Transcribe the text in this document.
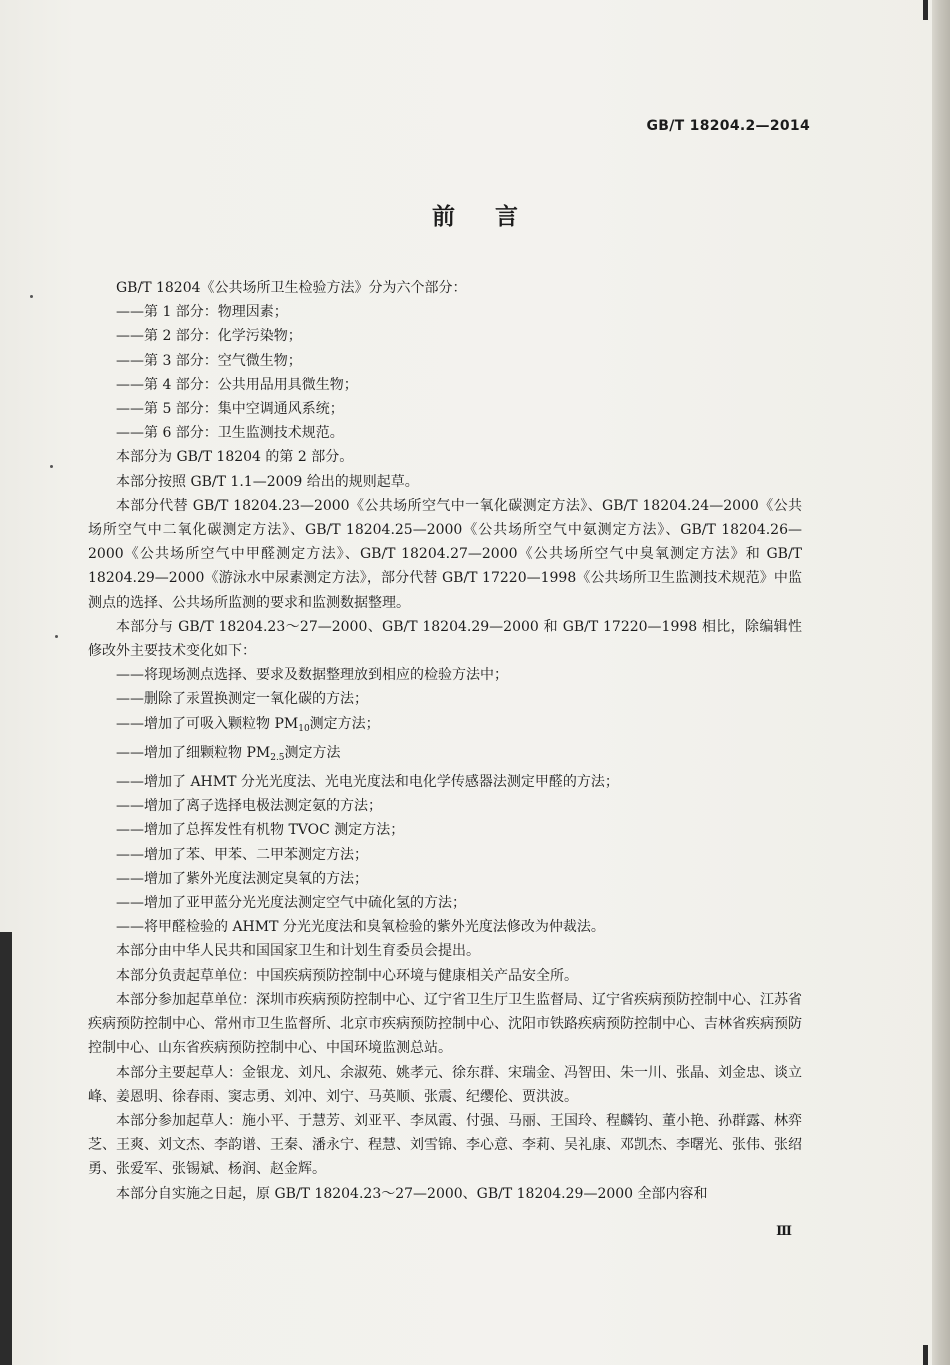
GB/T 18204.2—2014
前言

GB/T 18204《公共场所卫生检验方法》分为六个部分：

——第 1 部分：物理因素；

——第 2 部分：化学污染物；

——第 3 部分：空气微生物；

——第 4 部分：公共用品用具微生物；

——第 5 部分：集中空调通风系统；

——第 6 部分：卫生监测技术规范。

本部分为 GB/T 18204 的第 2 部分。

本部分按照 GB/T 1.1—2009 给出的规则起草。

本部分代替 GB/T 18204.23—2000《公共场所空气中一氧化碳测定方法》、GB/T 18204.24—2000《公共场所空气中二氧化碳测定方法》、GB/T 18204.25—2000《公共场所空气中氨测定方法》、GB/T 18204.26—2000《公共场所空气中甲醛测定方法》、GB/T 18204.27—2000《公共场所空气中臭氧测定方法》和 GB/T 18204.29—2000《游泳水中尿素测定方法》，部分代替 GB/T 17220—1998《公共场所卫生监测技术规范》中监测点的选择、公共场所监测的要求和监测数据整理。

本部分与 GB/T 18204.23～27—2000、GB/T 18204.29—2000 和 GB/T 17220—1998 相比，除编辑性修改外主要技术变化如下：

——将现场测点选择、要求及数据整理放到相应的检验方法中；

——删除了汞置换测定一氧化碳的方法；

——增加了可吸入颗粒物 $PM_{10}$测定方法；

——增加了细颗粒物 $PM_{2.5}$测定方法

——增加了 AHMT 分光光度法、光电光度法和电化学传感器法测定甲醛的方法；

——增加了离子选择电极法测定氨的方法；

——增加了总挥发性有机物 TVOC 测定方法；

——增加了苯、甲苯、二甲苯测定方法；

——增加了紫外光度法测定臭氧的方法；

——增加了亚甲蓝分光光度法测定空气中硫化氢的方法；

——将甲醛检验的 AHMT 分光光度法和臭氧检验的紫外光度法修改为仲裁法。

本部分由中华人民共和国国家卫生和计划生育委员会提出。

本部分负责起草单位：中国疾病预防控制中心环境与健康相关产品安全所。

本部分参加起草单位：深圳市疾病预防控制中心、辽宁省卫生厅卫生监督局、辽宁省疾病预防控制中心、江苏省疾病预防控制中心、常州市卫生监督所、北京市疾病预防控制中心、沈阳市铁路疾病预防控制中心、吉林省疾病预防控制中心、山东省疾病预防控制中心、中国环境监测总站。

本部分主要起草人：金银龙、刘凡、余淑苑、姚孝元、徐东群、宋瑞金、冯智田、朱一川、张晶、刘金忠、谈立峰、姜恩明、徐春雨、窦志勇、刘冲、刘宁、马英顺、张震、纪缨伦、贾洪波。

本部分参加起草人：施小平、于慧芳、刘亚平、李凤霞、付强、马丽、王国玲、程麟钧、董小艳、孙群露、林弈芝、王爽、刘文杰、李韵谱、王秦、潘永宁、程慧、刘雪锦、李心意、李莉、吴礼康、邓凯杰、李曙光、张伟、张绍勇、张爱军、张锡斌、杨润、赵金辉。

本部分自实施之日起，原 GB/T 18204.23～27—2000、GB/T 18204.29—2000 全部内容和

Ⅲ
